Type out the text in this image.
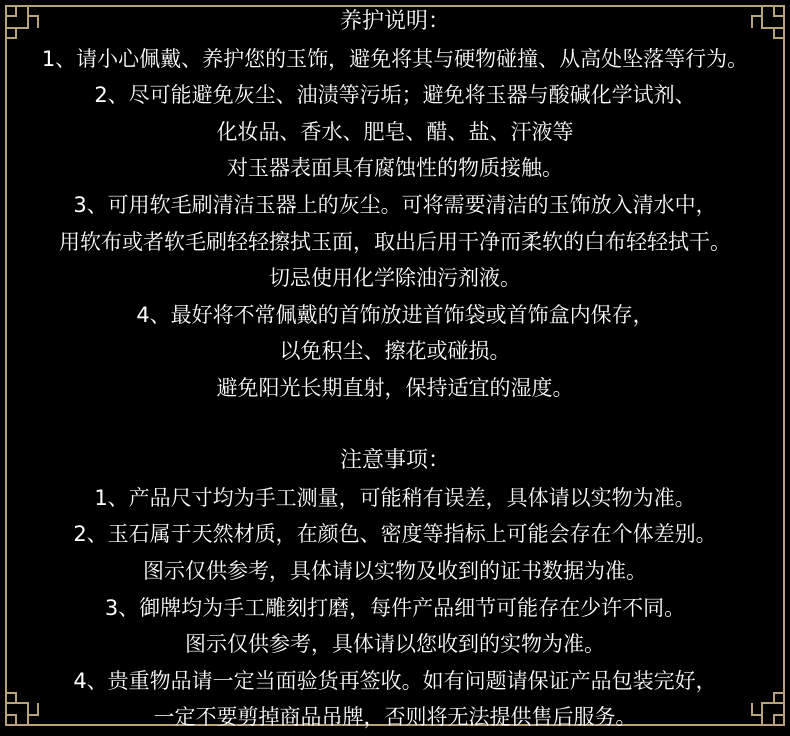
养护说明：
1、请小心佩戴、养护您的玉饰，避免将其与硬物碰撞、从高处坠落等行为。
2、尽可能避免灰尘、油渍等污垢；避免将玉器与酸碱化学试剂、
化妆品、香水、肥皂、醋、盐、汗液等
对玉器表面具有腐蚀性的物质接触。
3、可用软毛刷清洁玉器上的灰尘。可将需要清洁的玉饰放入清水中，
用软布或者软毛刷轻轻擦拭玉面，取出后用干净而柔软的白布轻轻拭干。
切忌使用化学除油污剂液。
4、最好将不常佩戴的首饰放进首饰袋或首饰盒内保存，
以免积尘、擦花或碰损。
避免阳光长期直射，保持适宜的湿度。
注意事项：
1、产品尺寸均为手工测量，可能稍有误差，具体请以实物为准。
2、玉石属于天然材质，在颜色、密度等指标上可能会存在个体差别。
图示仅供参考，具体请以实物及收到的证书数据为准。
3、御牌均为手工雕刻打磨，每件产品细节可能存在少许不同。
图示仅供参考，具体请以您收到的实物为准。
4、贵重物品请一定当面验货再签收。如有问题请保证产品包装完好，
一定不要剪掉商品吊牌，否则将无法提供售后服务。
